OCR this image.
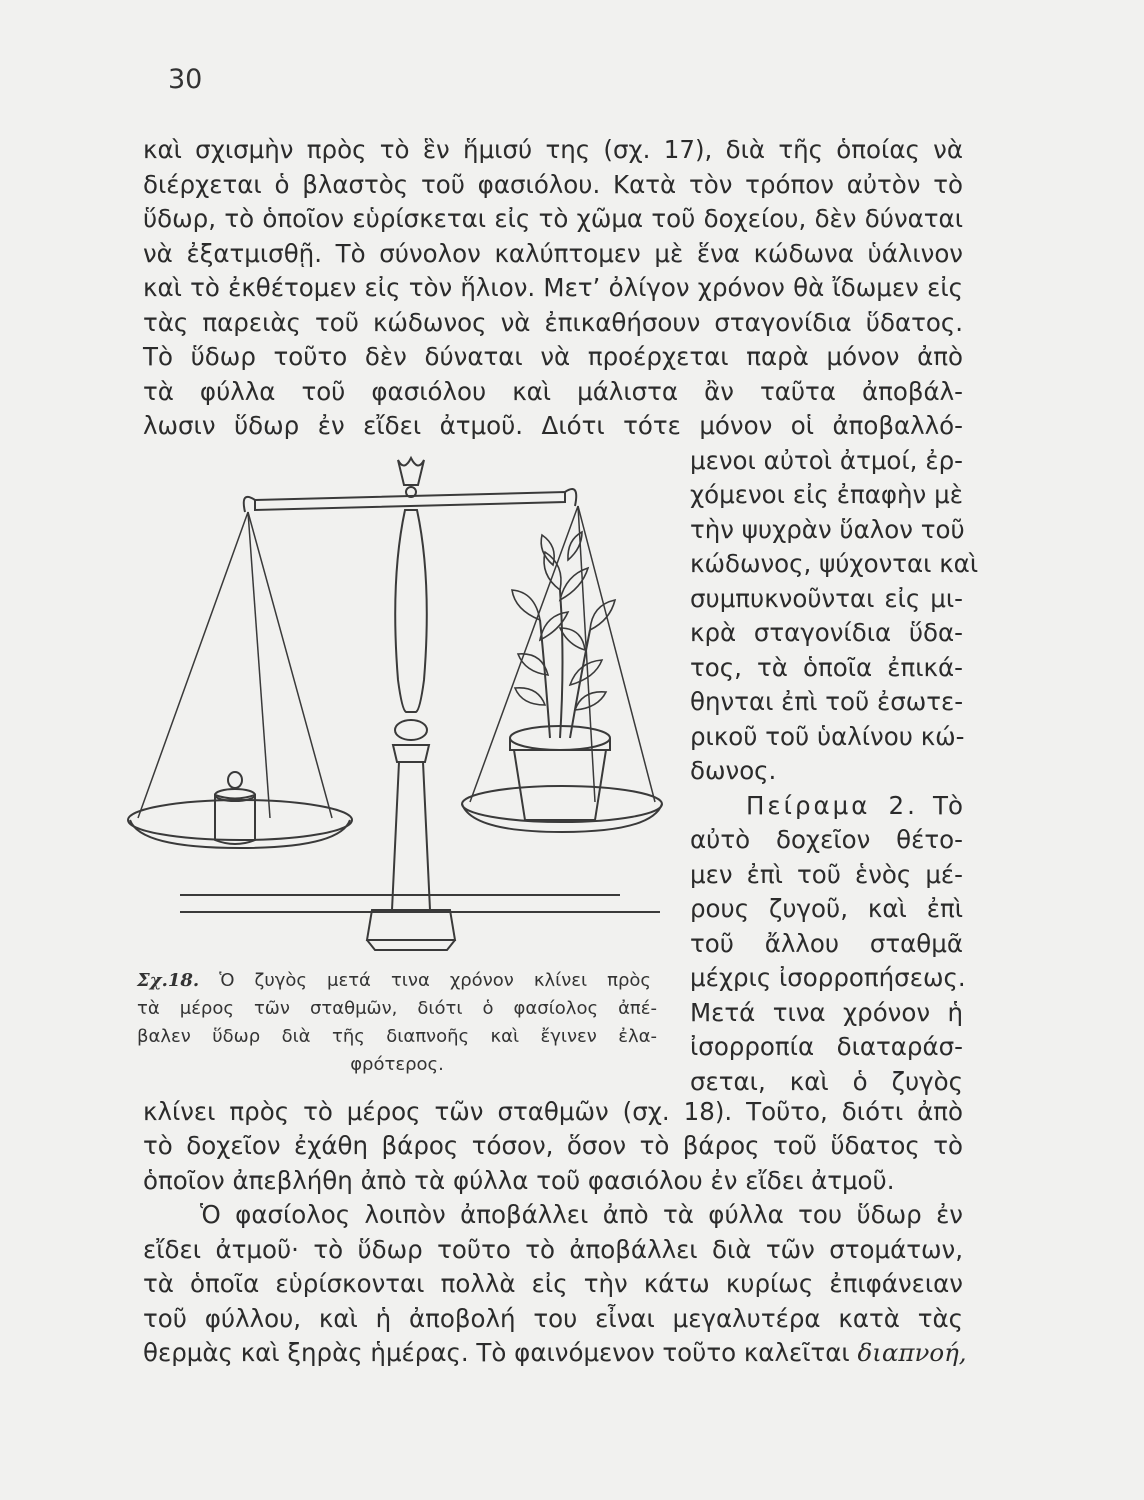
30
καὶ σχισμὴν πρὸς τὸ ἓν ἥμισύ της (σχ. 17), διὰ τῆς ὁποίας νὰ
διέρχεται ὁ βλαστὸς τοῦ φασιόλου. Κατὰ τὸν τρόπον αὐτὸν τὸ
ὕδωρ, τὸ ὁποῖον εὑρίσκεται εἰς τὸ χῶμα τοῦ δοχείου, δὲν δύναται
νὰ ἐξατμισθῇ. Τὸ σύνολον καλύπτομεν μὲ ἕνα κώδωνα ὑάλινον
καὶ τὸ ἐκθέτομεν εἰς τὸν ἥλιον. Μετ’ ὀλίγον χρόνον θὰ ἴδωμεν εἰς
τὰς παρειὰς τοῦ κώδωνος νὰ ἐπικαθήσουν σταγονίδια ὕδατος.
Τὸ ὕδωρ τοῦτο δὲν δύναται νὰ προέρχεται παρὰ μόνον ἀπὸ
τὰ φύλλα τοῦ φασιόλου καὶ μάλιστα ἂν ταῦτα ἀποβάλ-
λωσιν ὕδωρ ἐν εἴδει ἀτμοῦ. Διότι τότε μόνον οἱ ἀποβαλλό-
μενοι αὐτοὶ ἀτμοί, ἐρ-
χόμενοι εἰς ἐπαφὴν μὲ
τὴν ψυχρὰν ὕαλον τοῦ
κώδωνος, ψύχονται καὶ
συμπυκνοῦνται εἰς μι-
κρὰ σταγονίδια ὕδα-
τος, τὰ ὁποῖα ἐπικά-
θηνται ἐπὶ τοῦ ἐσωτε-
ρικοῦ τοῦ ὑαλίνου κώ-
δωνος.
Πείραμα 2. Τὸ
αὐτὸ δοχεῖον θέτο-
μεν ἐπὶ τοῦ ἑνὸς μέ-
ρους ζυγοῦ, καὶ ἐπὶ
τοῦ ἄλλου σταθμᾶ
μέχρις ἰσορροπήσεως.
Μετά τινα χρόνον ἡ
ἰσορροπία διαταράσ-
σεται, καὶ ὁ ζυγὸς
Σχ.18. Ὁ ζυγὸς μετά τινα χρόνον κλίνει πρὸς
τὰ μέρος τῶν σταθμῶν, διότι ὁ φασίολος ἀπέ-
βαλεν ὕδωρ διὰ τῆς διαπνοῆς καὶ ἔγινεν ἐλα-
φρότερος.
κλίνει πρὸς τὸ μέρος τῶν σταθμῶν (σχ. 18). Τοῦτο, διότι ἀπὸ
τὸ δοχεῖον ἐχάθη βάρος τόσον, ὅσον τὸ βάρος τοῦ ὕδατος τὸ
ὁποῖον ἀπεβλήθη ἀπὸ τὰ φύλλα τοῦ φασιόλου ἐν εἴδει ἀτμοῦ.
Ὁ φασίολος λοιπὸν ἀποβάλλει ἀπὸ τὰ φύλλα του ὕδωρ ἐν
εἴδει ἀτμοῦ· τὸ ὕδωρ τοῦτο τὸ ἀποβάλλει διὰ τῶν στομάτων,
τὰ ὁποῖα εὑρίσκονται πολλὰ εἰς τὴν κάτω κυρίως ἐπιφάνειαν
τοῦ φύλλου, καὶ ἡ ἀποβολή του εἶναι μεγαλυτέρα κατὰ τὰς
θερμὰς καὶ ξηρὰς ἡμέρας. Τὸ φαινόμενον τοῦτο καλεῖται διαπνοή,
